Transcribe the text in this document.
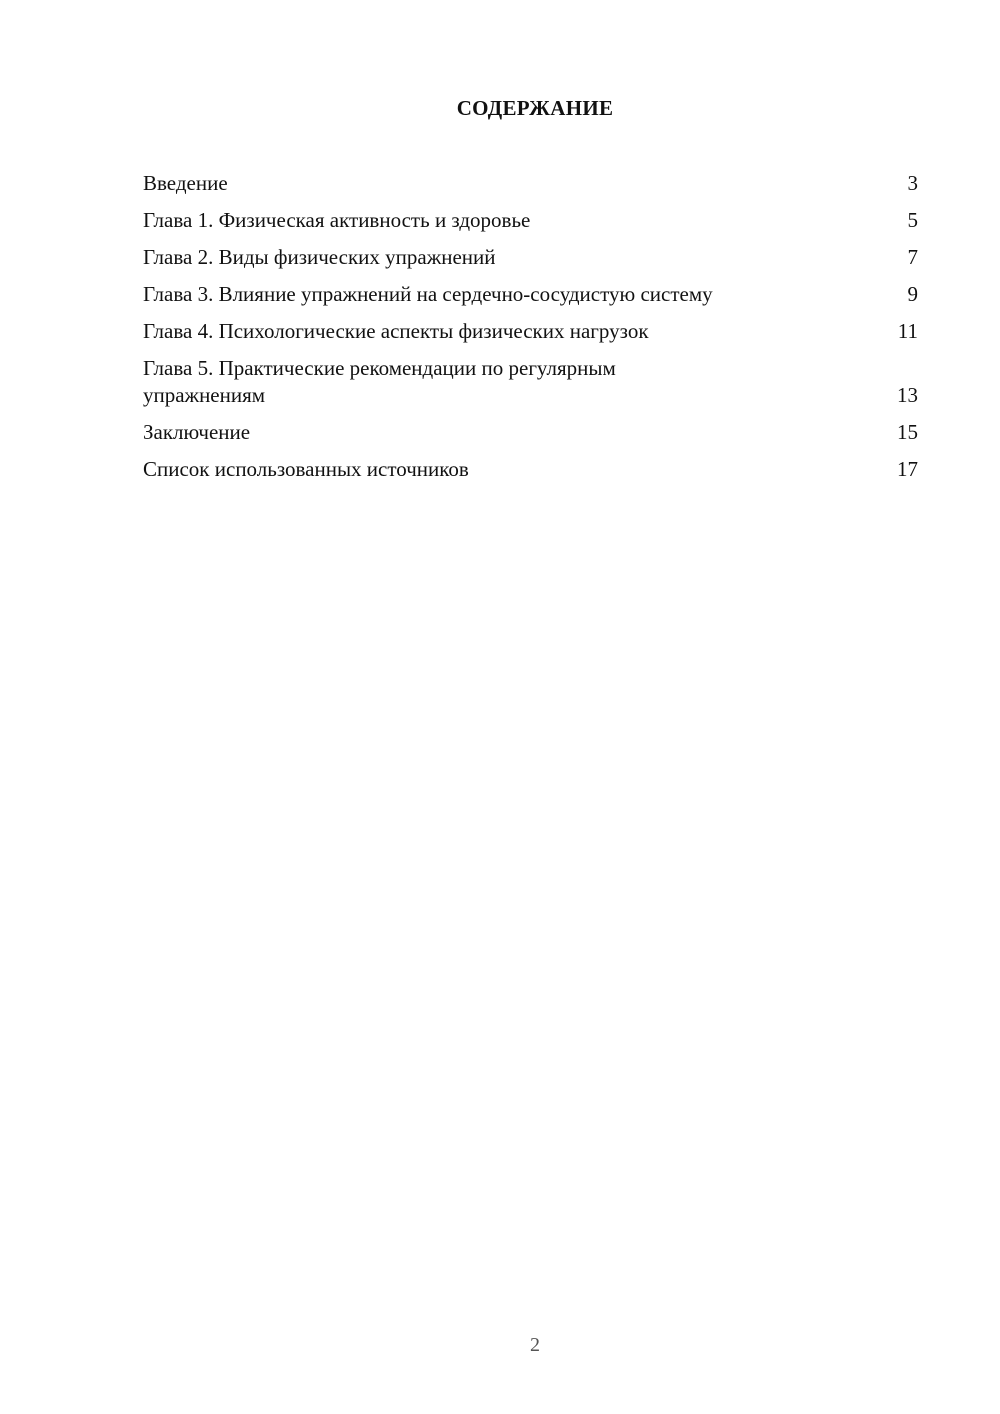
СОДЕРЖАНИЕ
Введение	3
Глава 1. Физическая активность и здоровье	5
Глава 2. Виды физических упражнений	7
Глава 3. Влияние упражнений на сердечно-сосудистую систему	9
Глава 4. Психологические аспекты физических нагрузок	11
Глава 5. Практические рекомендации по регулярным упражнениям	13
Заключение	15
Список использованных источников	17
2
